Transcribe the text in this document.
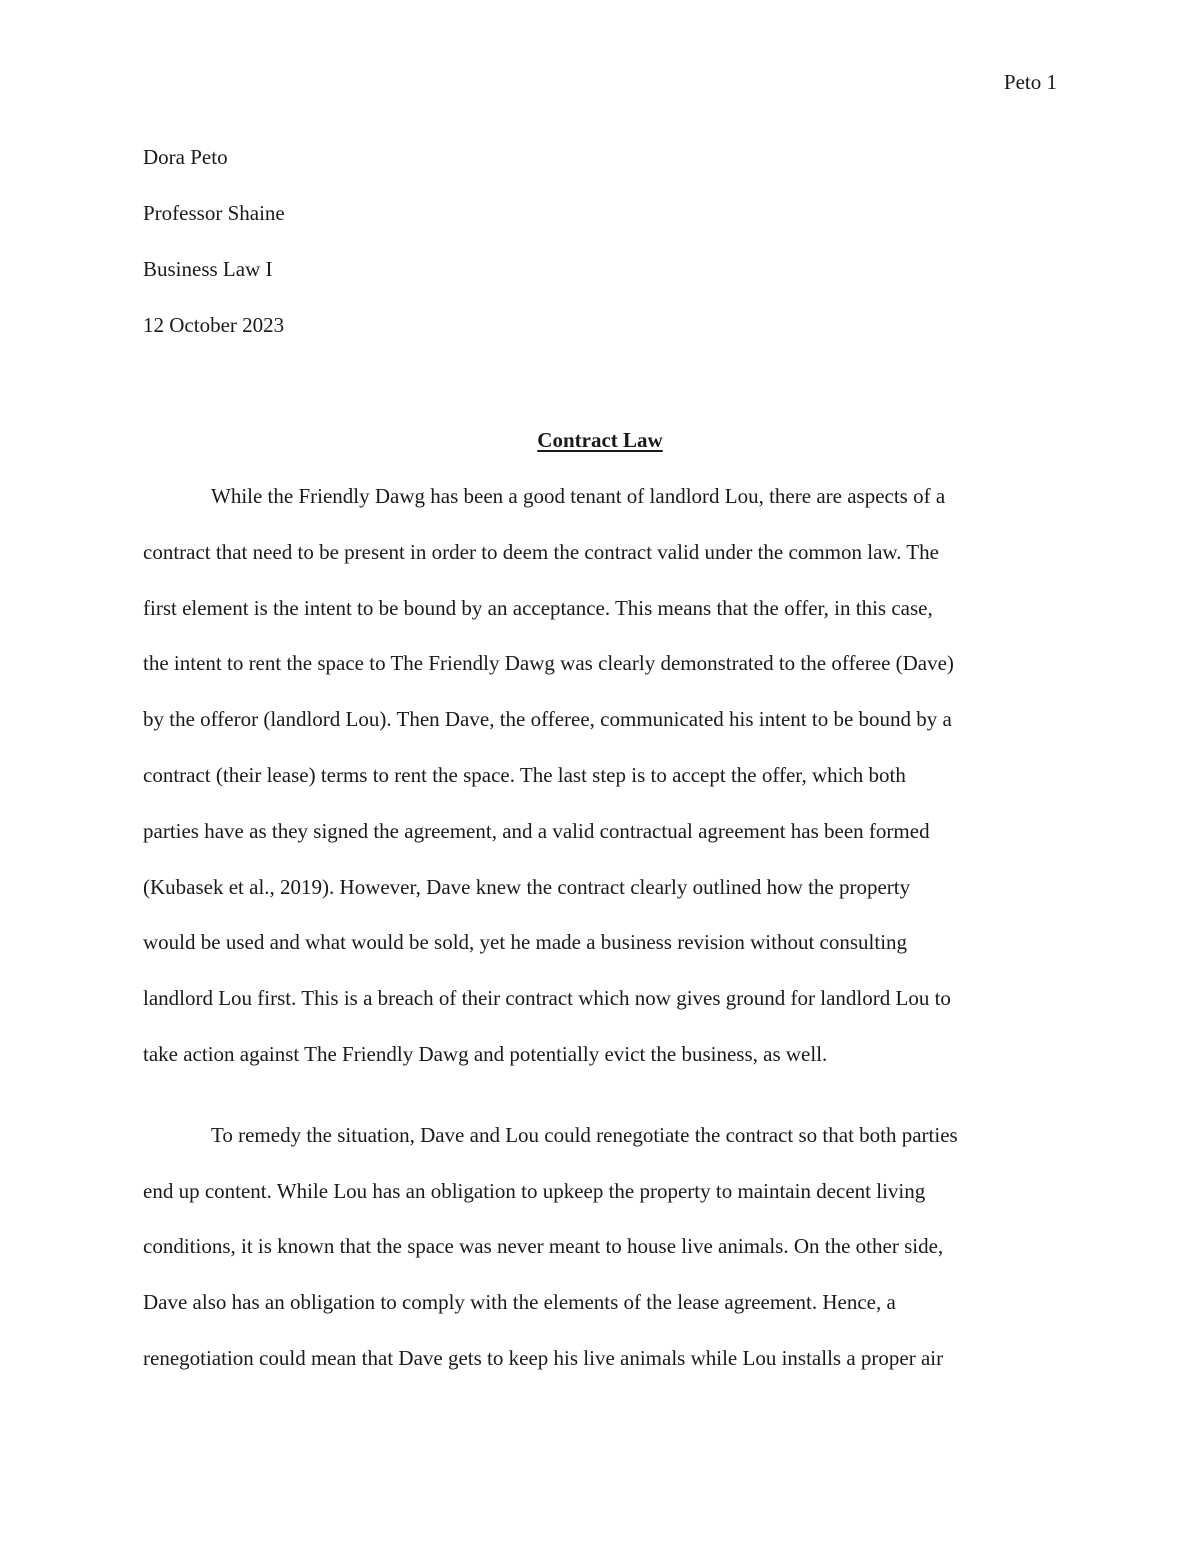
Peto 1
Dora Peto
Professor Shaine
Business Law I
12 October 2023
Contract Law
While the Friendly Dawg has been a good tenant of landlord Lou, there are aspects of a
contract that need to be present in order to deem the contract valid under the common law. The
first element is the intent to be bound by an acceptance. This means that the offer, in this case,
the intent to rent the space to The Friendly Dawg was clearly demonstrated to the offeree (Dave)
by the offeror (landlord Lou). Then Dave, the offeree, communicated his intent to be bound by a
contract (their lease) terms to rent the space. The last step is to accept the offer, which both
parties have as they signed the agreement, and a valid contractual agreement has been formed
(Kubasek et al., 2019). However, Dave knew the contract clearly outlined how the property
would be used and what would be sold, yet he made a business revision without consulting
landlord Lou first. This is a breach of their contract which now gives ground for landlord Lou to
take action against The Friendly Dawg and potentially evict the business, as well.
To remedy the situation, Dave and Lou could renegotiate the contract so that both parties
end up content. While Lou has an obligation to upkeep the property to maintain decent living
conditions, it is known that the space was never meant to house live animals. On the other side,
Dave also has an obligation to comply with the elements of the lease agreement. Hence, a
renegotiation could mean that Dave gets to keep his live animals while Lou installs a proper air
